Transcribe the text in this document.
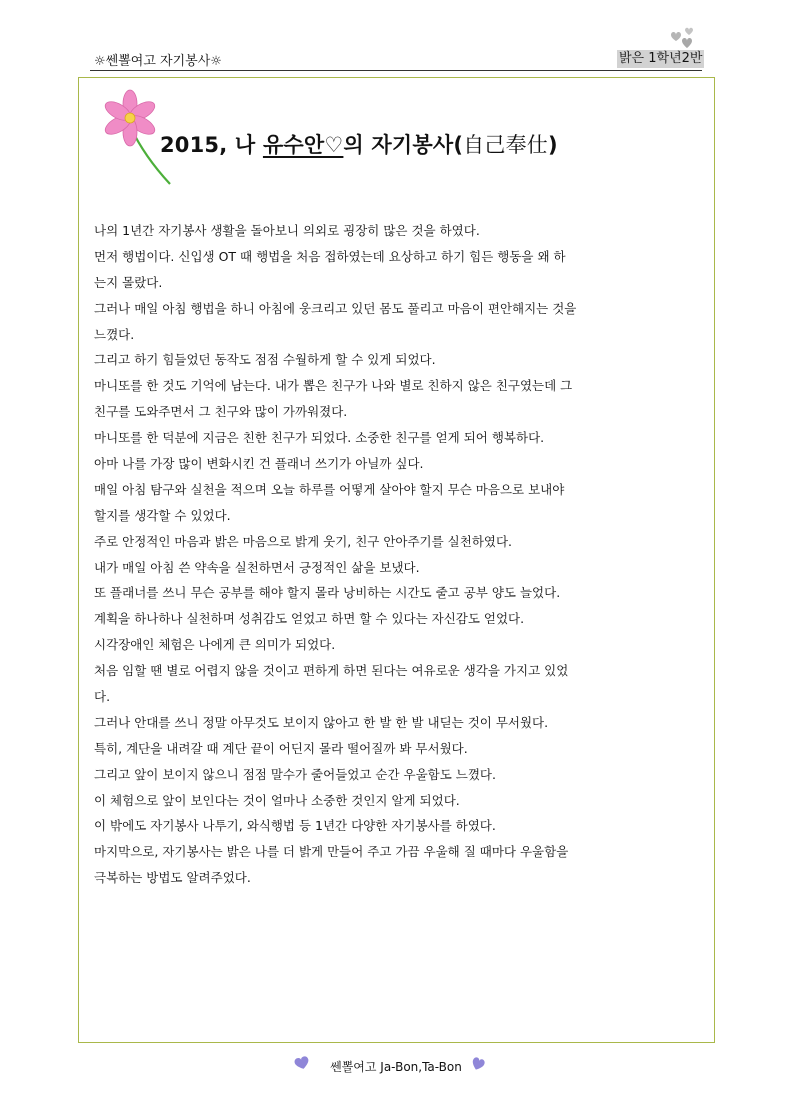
☼쎈뽈여고 자기봉사☼	밝은 1학년2반
2015, 나 유수안♡의 자기봉사(自己奉仕)
나의 1년간 자기봉사 생활을 돌아보니 의외로 굉장히 많은 것을 하였다.
먼저 행법이다. 신입생 OT 때 행법을 처음 접하였는데 요상하고 하기 힘든 행동을 왜 하
는지 몰랐다.
그러나 매일 아침 행법을 하니 아침에 웅크리고 있던 몸도 풀리고 마음이 편안해지는 것을
느꼈다.
그리고 하기 힘들었던 동작도 점점 수월하게 할 수 있게 되었다.
마니또를 한 것도 기억에 남는다. 내가 뽑은 친구가 나와 별로 친하지 않은 친구였는데 그
친구를 도와주면서 그 친구와 많이 가까워졌다.
마니또를 한 덕분에 지금은 친한 친구가 되었다. 소중한 친구를 얻게 되어 행복하다.
아마 나를 가장 많이 변화시킨 건 플래너 쓰기가 아닐까 싶다.
매일 아침 탐구와 실천을 적으며 오늘 하루를 어떻게 살아야 할지 무슨 마음으로 보내야
할지를 생각할 수 있었다.
주로 안정적인 마음과 밝은 마음으로 밝게 웃기, 친구 안아주기를 실천하였다.
내가 매일 아침 쓴 약속을 실천하면서 긍정적인 삶을 보냈다.
또 플래너를 쓰니 무슨 공부를 해야 할지 몰라 낭비하는 시간도 줄고 공부 양도 늘었다.
계획을 하나하나 실천하며 성취감도 얻었고 하면 할 수 있다는 자신감도 얻었다.
시각장애인 체험은 나에게 큰 의미가 되었다.
처음 임할 땐 별로 어렵지 않을 것이고 편하게 하면 된다는 여유로운 생각을 가지고 있었
다.
그러나 안대를 쓰니 정말 아무것도 보이지 않아고 한 발 한 발 내딛는 것이 무서웠다.
특히, 계단을 내려갈 때 계단 끝이 어딘지 몰라 떨어질까 봐 무서웠다.
그리고 앞이 보이지 않으니 점점 말수가 줄어들었고 순간 우울함도 느꼈다.
이 체험으로 앞이 보인다는 것이 얼마나 소중한 것인지 알게 되었다.
이 밖에도 자기봉사 나투기, 와식행법 등 1년간 다양한 자기봉사를 하였다.
마지막으로, 자기봉사는 밝은 나를 더 밝게 만들어 주고 가끔 우울해 질 때마다 우울함을
극복하는 방법도 알려주었다.
쎈뽈여고 Ja-Bon,Ta-Bon
